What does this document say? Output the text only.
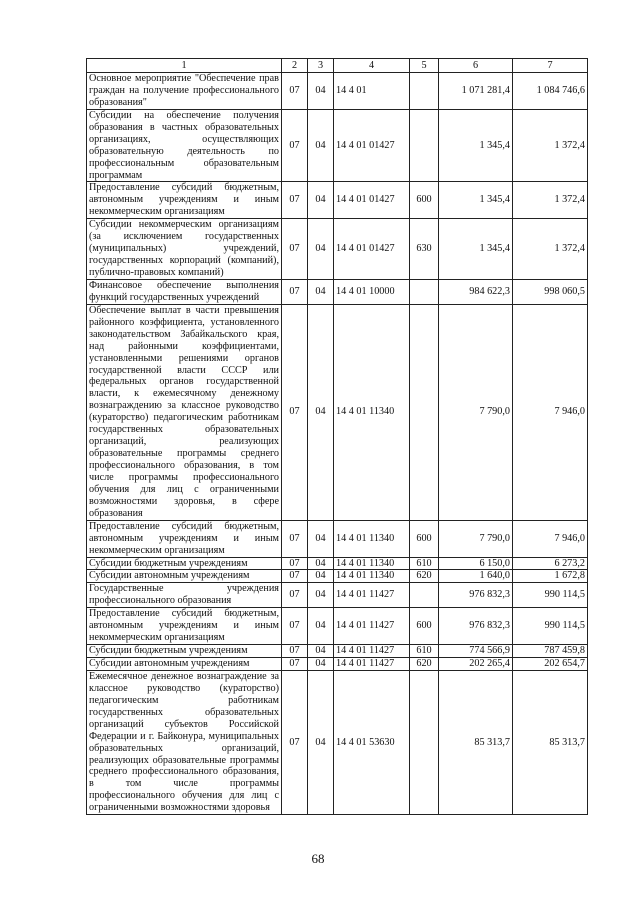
1	2	3	4	5	6	7
Основное мероприятие "Обеспечение прав граждан на получение профессионального образования"	07	04	14 4 01		1 071 281,4	1 084 746,6
Субсидии на обеспечение получения образования в частных образовательных организациях, осуществляющих образовательную деятельность по профессиональным образовательным программам	07	04	14 4 01 01427		1 345,4	1 372,4
Предоставление субсидий бюджетным, автономным учреждениям и иным некоммерческим организациям	07	04	14 4 01 01427	600	1 345,4	1 372,4
Субсидии некоммерческим организациям (за исключением государственных (муниципальных) учреждений, государственных корпораций (компаний), публично-правовых компаний)	07	04	14 4 01 01427	630	1 345,4	1 372,4
Финансовое обеспечение выполнения функций государственных учреждений	07	04	14 4 01 10000		984 622,3	998 060,5
Обеспечение выплат в части превышения районного коэффициента, установленного законодательством Забайкальского края, над районными коэффициентами, установленными решениями органов государственной власти СССР или федеральных органов государственной власти, к ежемесячному денежному вознаграждению за классное руководство (кураторство) педагогическим работникам государственных образовательных организаций, реализующих образовательные программы среднего профессионального образования, в том числе программы профессионального обучения для лиц с ограниченными возможностями здоровья, в сфере образования	07	04	14 4 01 11340		7 790,0	7 946,0
Предоставление субсидий бюджетным, автономным учреждениям и иным некоммерческим организациям	07	04	14 4 01 11340	600	7 790,0	7 946,0
Субсидии бюджетным учреждениям	07	04	14 4 01 11340	610	6 150,0	6 273,2
Субсидии автономным учреждениям	07	04	14 4 01 11340	620	1 640,0	1 672,8
Государственные учреждения профессионального образования	07	04	14 4 01 11427		976 832,3	990 114,5
Предоставление субсидий бюджетным, автономным учреждениям и иным некоммерческим организациям	07	04	14 4 01 11427	600	976 832,3	990 114,5
Субсидии бюджетным учреждениям	07	04	14 4 01 11427	610	774 566,9	787 459,8
Субсидии автономным учреждениям	07	04	14 4 01 11427	620	202 265,4	202 654,7
Ежемесячное денежное вознаграждение за классное руководство (кураторство) педагогическим работникам государственных образовательных организаций субъектов Российской Федерации и г. Байконура, муниципальных образовательных организаций, реализующих образовательные программы среднего профессионального образования, в том числе программы профессионального обучения для лиц с ограниченными возможностями здоровья	07	04	14 4 01 53630		85 313,7	85 313,7
68
